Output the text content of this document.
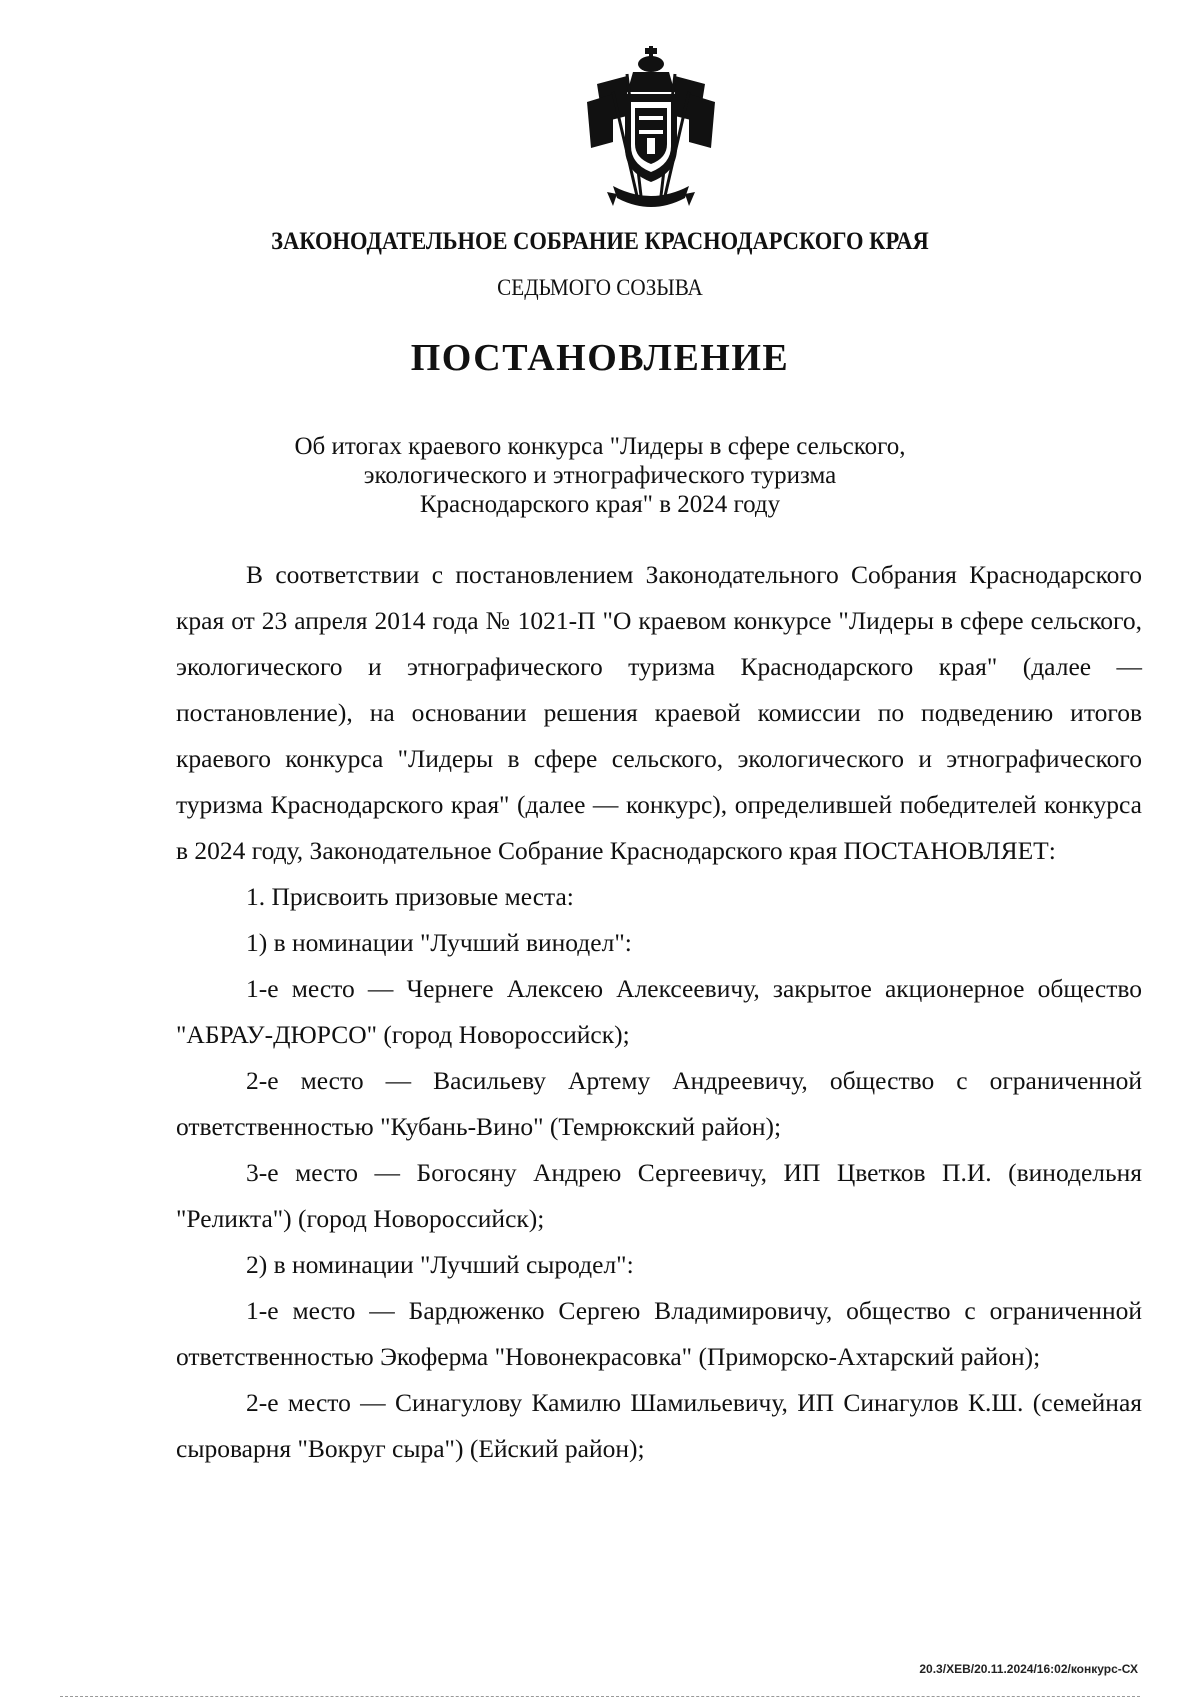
ЗАКОНОДАТЕЛЬНОЕ СОБРАНИЕ КРАСНОДАРСКОГО КРАЯ
СЕДЬМОГО СОЗЫВА
ПОСТАНОВЛЕНИЕ
Об итогах краевого конкурса "Лидеры в сфере сельского,
экологического и этнографического туризма
Краснодарского края" в 2024 году

В соответствии с постановлением Законодательного Собрания Краснодарского края от 23 апреля 2014 года № 1021-П "О краевом конкурсе "Лидеры в сфере сельского, экологического и этнографического туризма Краснодарского края" (далее — постановление), на основании решения краевой комиссии по подведению итогов краевого конкурса "Лидеры в сфере сельского, экологического и этнографического туризма Краснодарского края" (далее — конкурс), определившей победителей конкурса в 2024 году, Законодательное Собрание Краснодарского края ПОСТАНОВЛЯЕТ:

1. Присвоить призовые места:

1) в номинации "Лучший винодел":

1-е место — Чернеге Алексею Алексеевичу, закрытое акционерное общество "АБРАУ-ДЮРСО" (город Новороссийск);

2-е место — Васильеву Артему Андреевичу, общество с ограниченной ответственностью "Кубань-Вино" (Темрюкский район);

3-е место — Богосяну Андрею Сергеевичу, ИП Цветков П.И. (винодельня "Реликта") (город Новороссийск);

2) в номинации "Лучший сыродел":

1-е место — Бардюженко Сергею Владимировичу, общество с ограниченной ответственностью Экоферма "Новонекрасовка" (Приморско-Ахтарский район);

2-е место — Синагулову Камилю Шамильевичу, ИП Синагулов К.Ш. (семейная сыроварня "Вокруг сыра") (Ейский район);

20.3/ХЕВ/20.11.2024/16:02/конкурс-СХ
